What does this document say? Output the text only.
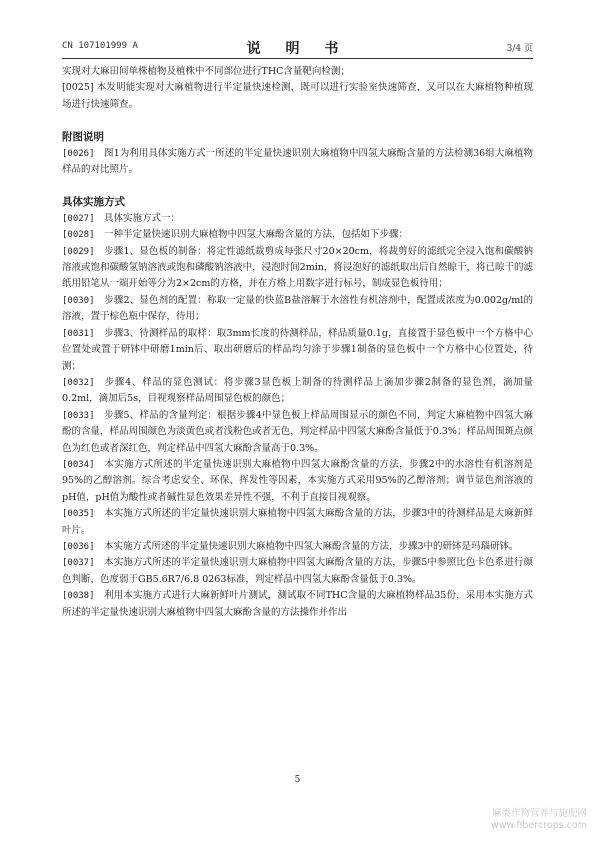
CN 107101999 A	说 明 书	3/4 页

实现对大麻田间单株植物及植株中不同部位进行THC含量靶向检测；

[0025] 本发明能实现对大麻植物进行半定量快速检测，既可以进行实验室快速筛查，又可以在大麻植物种植现场进行快速筛查。

附图说明

[0026] 图1为利用具体实施方式一所述的半定量快速识别大麻植物中四氢大麻酚含量的方法检测36组大麻植物样品的对比照片。

具体实施方式

[0027] 具体实施方式一：

[0028] 一种半定量快速识别大麻植物中四氢大麻酚含量的方法，包括如下步骤：

[0029] 步骤1、显色板的制备：将定性滤纸裁剪成每张尺寸20×20cm，将裁剪好的滤纸完全浸入饱和碳酸钠溶液或饱和碳酸氢钠溶液或饱和磷酸钠溶液中，浸泡时间2min，将浸泡好的滤纸取出后自然晾干，将已晾干的滤纸用铅笔从一端开始等分为2×2cm的方格，并在方格上用数字进行标号，制成显色板待用；

[0030] 步骤2、显色剂的配置：称取一定量的快蓝B盐溶解于水溶性有机溶剂中，配置成浓度为0.002g/ml的溶液，置于棕色瓶中保存，待用；

[0031] 步骤3、待测样品的取样：取3mm长度的待测样品，样品质量0.1g，直接置于显色板中一个方格中心位置处或置于研钵中研磨1min后、取出研磨后的样品均匀涂于步骤1制备的显色板中一个方格中心位置处，待测；

[0032] 步骤4、样品的显色测试：将步骤3显色板上制备的待测样品上滴加步骤2制备的显色剂，滴加量0.2ml，滴加后5s，目视观察样品周围显色板的颜色；

[0033] 步骤5、样品的含量判定：根据步骤4中显色板上样品周围显示的颜色不同，判定大麻植物中四氢大麻酚的含量，样品周围颜色为淡黄色或者浅粉色或者无色，判定样品中四氢大麻酚含量低于0.3%；样品周围斑点颜色为红色或者深红色，判定样品中四氢大麻酚含量高于0.3%。

[0034] 本实施方式所述的半定量快速识别大麻植物中四氢大麻酚含量的方法，步骤2中的水溶性有机溶剂是95%的乙醇溶剂。综合考虑安全、环保、挥发性等因素，本实施方式采用95%的乙醇溶剂；调节显色剂溶液的pH值，pH值为酸性或者碱性显色效果差异性不强，不利于直接目视观察。

[0035] 本实施方式所述的半定量快速识别大麻植物中四氢大麻酚含量的方法，步骤3中的待测样品是大麻新鲜叶片。

[0036] 本实施方式所述的半定量快速识别大麻植物中四氢大麻酚含量的方法，步骤3中的研钵是玛瑙研钵。

[0037] 本实施方式所述的半定量快速识别大麻植物中四氢大麻酚含量的方法，步骤5中参照比色卡色系进行颜色判断，色度弱于GB5.6R7/6.8 0263标准，判定样品中四氢大麻酚含量低于0.3%。

[0038] 利用本实施方式进行大麻新鲜叶片测试，测试取不同THC含量的大麻植物样品35份，采用本实施方式所述的半定量快速识别大麻植物中四氢大麻酚含量的方法操作并作出

5
麻类作物营养与施肥网
www.fibercrops.com
